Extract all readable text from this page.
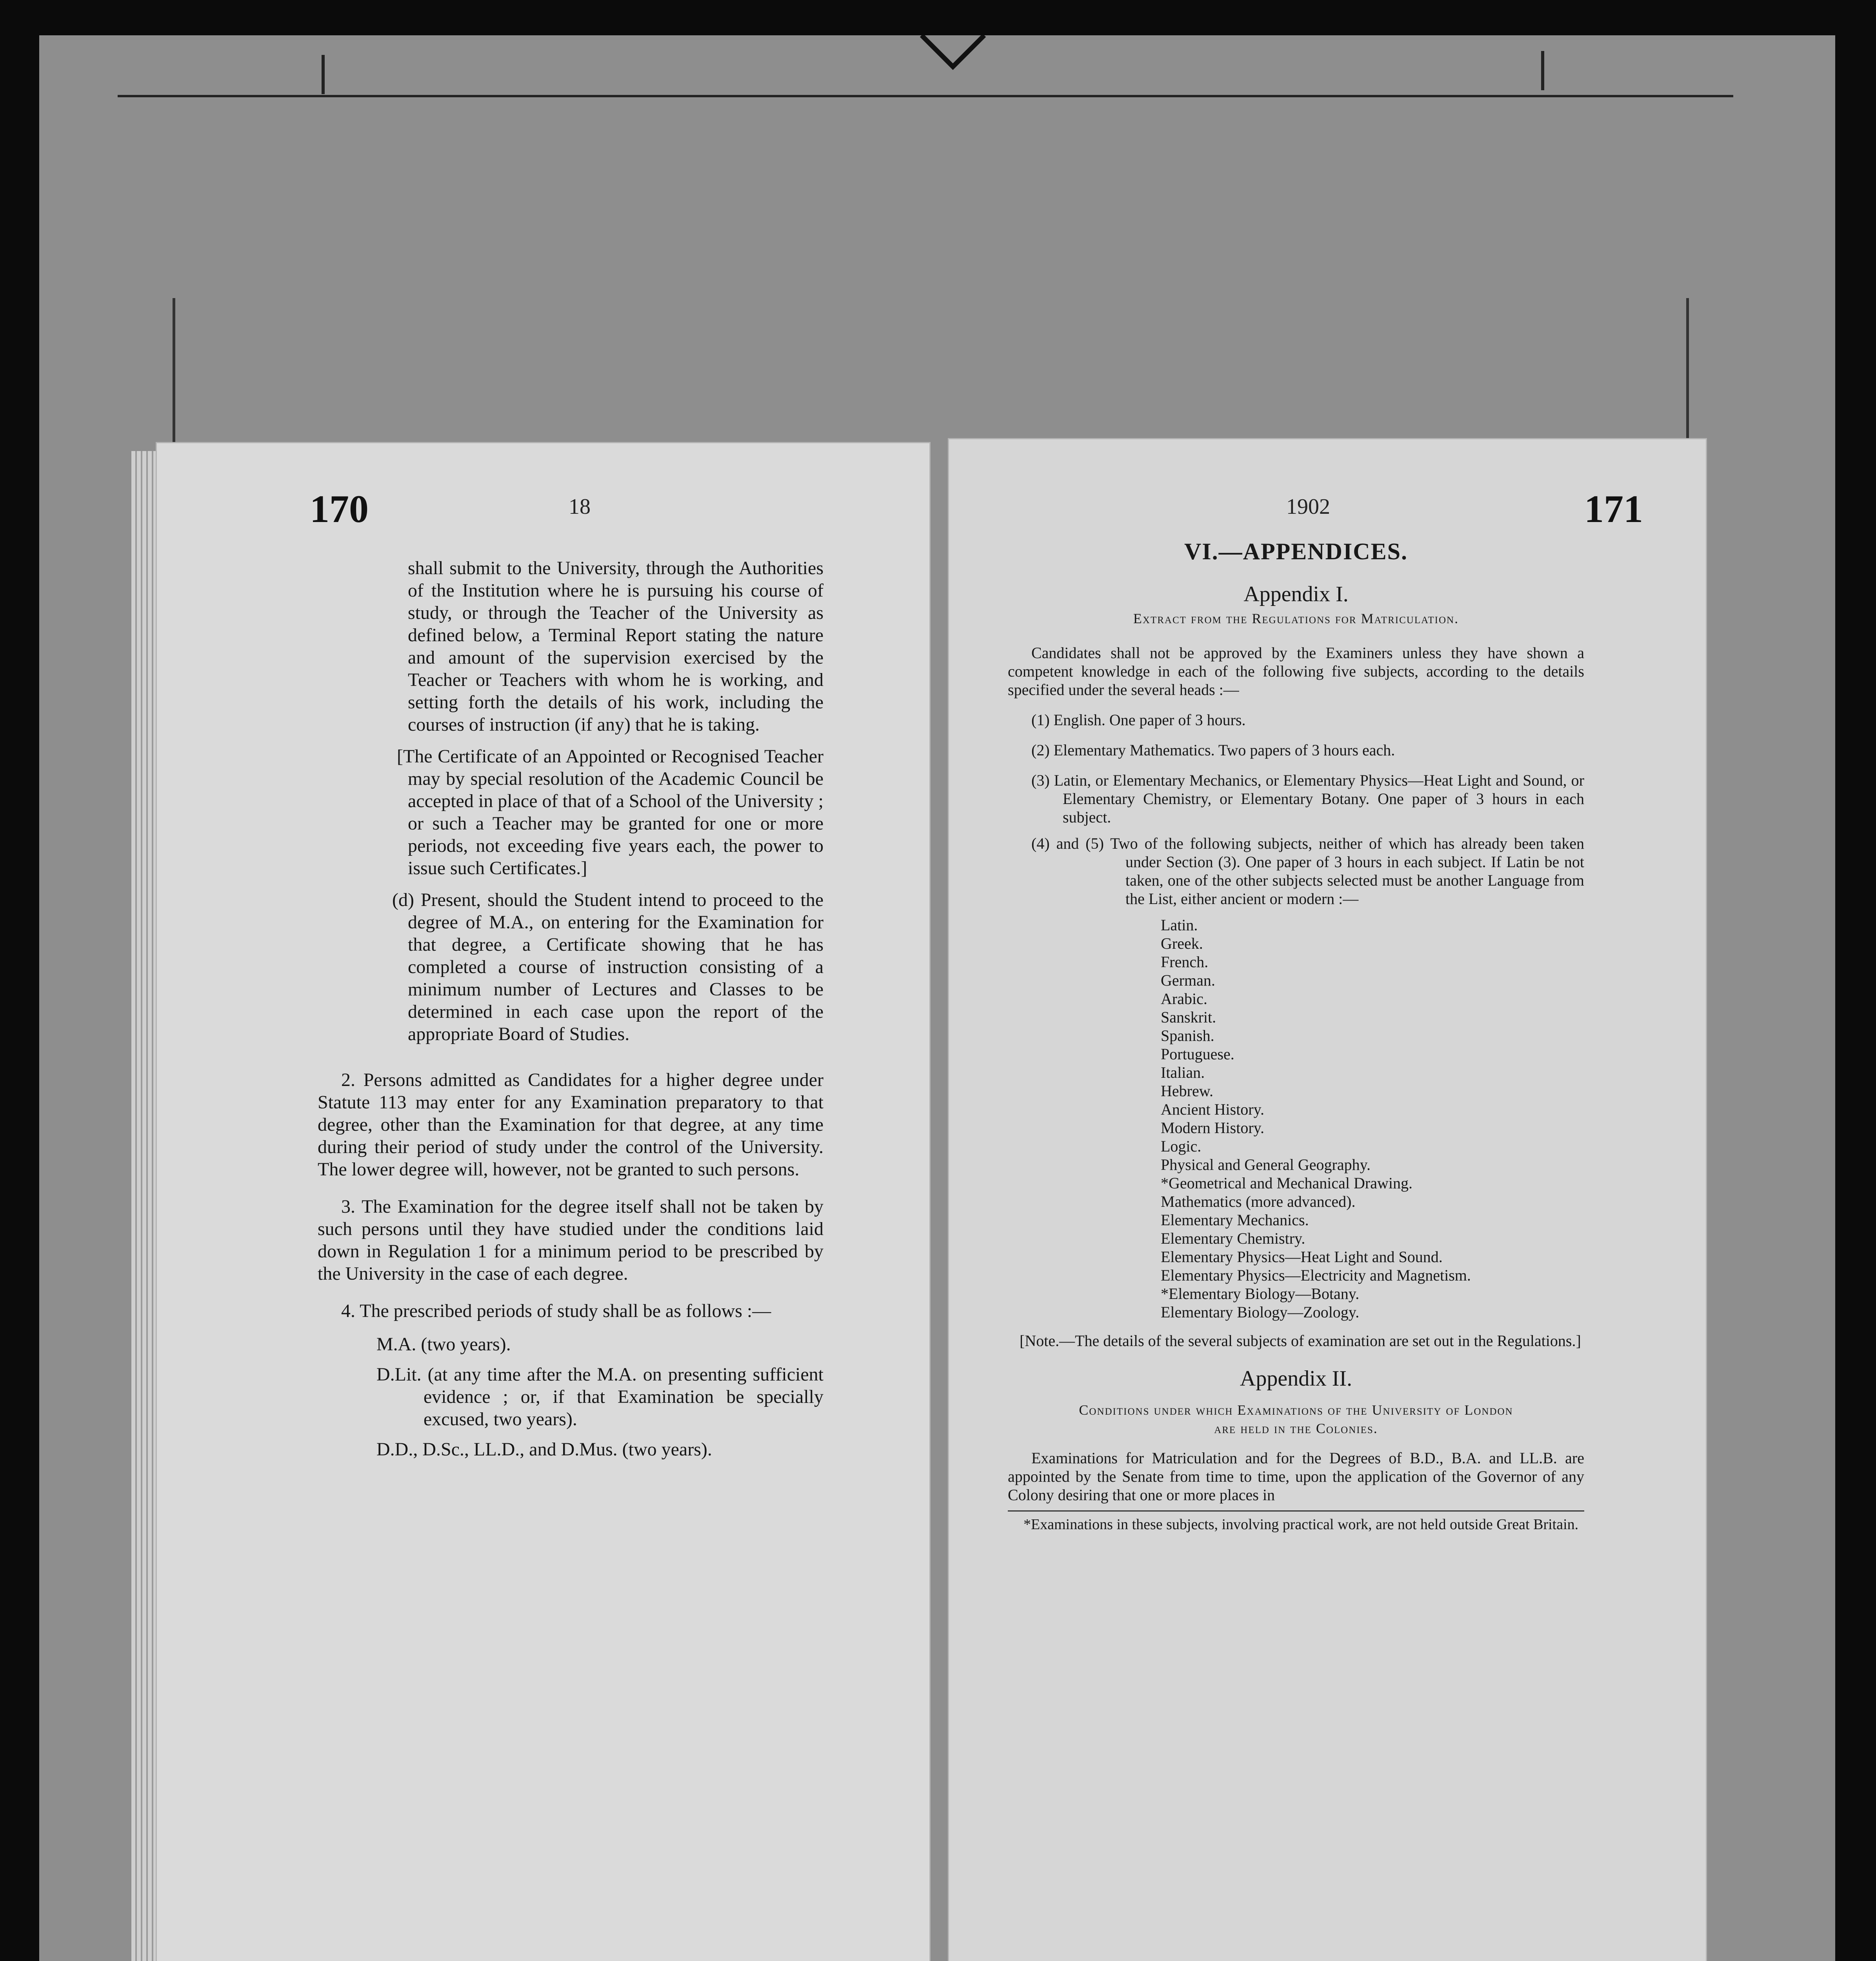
170	18

shall submit to the University, through the Authorities of the Institution where he is pursuing his course of study, or through the Teacher of the University as defined below, a Terminal Report stating the nature and amount of the supervision exercised by the Teacher or Teachers with whom he is working, and setting forth the details of his work, including the courses of instruction (if any) that he is taking.

[The Certificate of an Appointed or Recognised Teacher may by special resolution of the Academic Council be accepted in place of that of a School of the University ; or such a Teacher may be granted for one or more periods, not exceeding five years each, the power to issue such Certificates.]

(d) Present, should the Student intend to proceed to the degree of M.A., on entering for the Examination for that degree, a Certificate showing that he has completed a course of instruction consisting of a minimum number of Lectures and Classes to be determined in each case upon the report of the appropriate Board of Studies.

2. Persons admitted as Candidates for a higher degree under Statute 113 may enter for any Examination preparatory to that degree, other than the Examination for that degree, at any time during their period of study under the control of the University. The lower degree will, however, not be granted to such persons.

3. The Examination for the degree itself shall not be taken by such persons until they have studied under the conditions laid down in Regulation 1 for a minimum period to be prescribed by the University in the case of each degree.

4. The prescribed periods of study shall be as follows :—

M.A. (two years).

D.Lit. (at any time after the M.A. on presenting sufficient evidence ; or, if that Examination be specially excused, two years).

D.D., D.Sc., LL.D., and D.Mus. (two years).

171
1902

VI.—APPENDICES.

Appendix I.

Extract from the Regulations for Matriculation.

Candidates shall not be approved by the Examiners unless they have shown a competent knowledge in each of the following five subjects, according to the details specified under the several heads :—

(1) English. One paper of 3 hours.

(2) Elementary Mathematics. Two papers of 3 hours each.

(3) Latin, or Elementary Mechanics, or Elementary Physics—Heat Light and Sound, or Elementary Chemistry, or Elementary Botany. One paper of 3 hours in each subject.

(4) and (5) Two of the following subjects, neither of which has already been taken under Section (3). One paper of 3 hours in each subject. If Latin be not taken, one of the other subjects selected must be another Language from the List, either ancient or modern :—

Latin.

Greek.

French.

German.

Arabic.

Sanskrit.

Spanish.

Portuguese.

Italian.

Hebrew.

Ancient History.

Modern History.

Logic.

Physical and General Geography.

*Geometrical and Mechanical Drawing.

Mathematics (more advanced).

Elementary Mechanics.

Elementary Chemistry.

Elementary Physics—Heat Light and Sound.

Elementary Physics—Electricity and Magnetism.

*Elementary Biology—Botany.

Elementary Biology—Zoology.

[Note.—The details of the several subjects of examination are set out in the Regulations.]

Appendix II.

Conditions under which Examinations of the University of London are held in the Colonies.

Examinations for Matriculation and for the Degrees of B.D., B.A. and LL.B. are appointed by the Senate from time to time, upon the application of the Governor of any Colony desiring that one or more places in

*Examinations in these subjects, involving practical work, are not held outside Great Britain.
